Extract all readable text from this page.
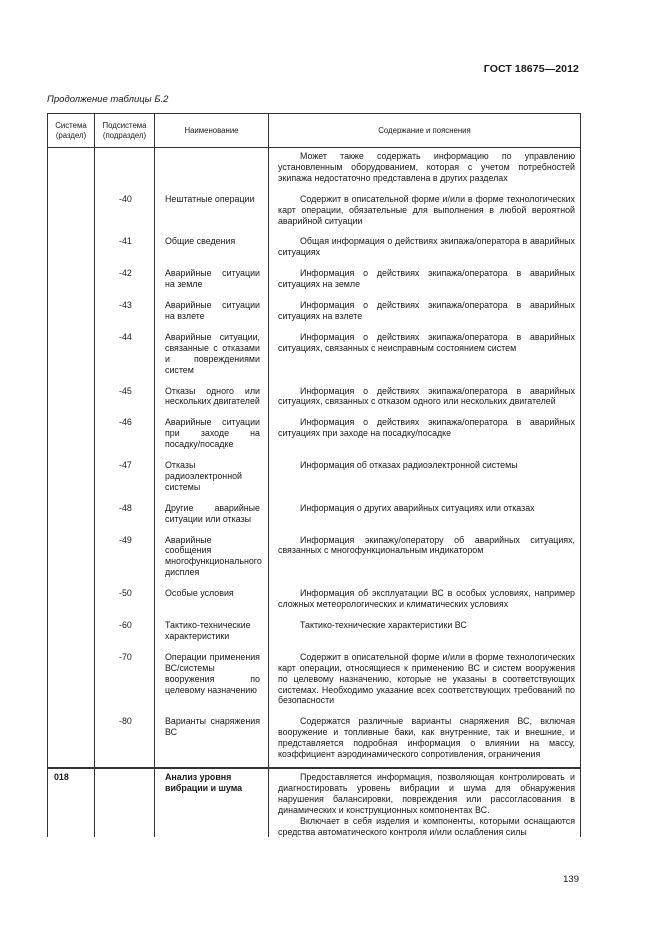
ГОСТ 18675—2012
Продолжение таблицы Б.2
Система (раздел)	Подсистема (подраздел)	Наименование	Содержание и пояснения

			Может также содержать информацию по управлению установленным оборудованием, которая с учетом потребностей экипажа недостаточно представлена в других разделах

	-40	Нештатные операции	Содержит в описательной форме и/или в форме технологических карт операции, обязательные для выполнения в любой вероятной аварийной ситуации

	-41	Общие сведения	Общая информация о действиях экипажа/оператора в аварийных ситуациях

	-42	Аварийные ситуации на земле	Информация о действиях экипажа/оператора в аварийных ситуациях на земле

	-43	Аварийные ситуации на взлете	Информация о действиях экипажа/оператора в аварийных ситуациях на взлете

	-44	Аварийные ситуации, связанные с отказами и повреждениями систем	Информация о действиях экипажа/оператора в аварийных ситуациях, связанных с неисправным состоянием систем

	-45	Отказы одного или нескольких двигателей	Информация о действиях экипажа/оператора в аварийных ситуациях, связанных с отказом одного или нескольких двигателей

	-46	Аварийные ситуации при заходе на посадку/посадке	Информация о действиях экипажа/оператора в аварийных ситуациях при заходе на посадку/посадке

	-47	Отказы радиоэлектронной системы	Информация об отказах радиоэлектронной системы

	-48	Другие аварийные ситуации или отказы	Информация о других аварийных ситуациях или отказах

	-49	Аварийные сообщения многофункционального дисплея	Информация экипажу/оператору об аварийных ситуациях, связанных с многофункциональным индикатором

	-50	Особые условия	Информация об эксплуатации ВС в особых условиях, например сложных метеорологических и климатических условиях

	-60	Тактико-технические характеристики	Тактико-технические характеристики ВС

	-70	Операции применения ВС/системы вооружения по целевому назначению	Содержит в описательной форме и/или в форме технологических карт операции, относящиеся к применению ВС и систем вооружения по целевому назначению, которые не указаны в соответствующих системах. Необходимо указание всех соответствующих требований по безопасности

	-80	Варианты снаряжения ВС	Содержатся различные варианты снаряжения ВС, включая вооружение и топливные баки, как внутренние, так и внешние, и представляется подробная информация о влиянии на массу, коэффициент аэродинамического сопротивления, ограничения

018		Анализ уровня вибрации и шума	Предоставляется информация, позволяющая контролировать и диагностировать уровень вибрации и шума для обнаружения нарушения балансировки, повреждения или рассогласования в динамических и конструкционных компонентах ВС.

Включает в себя изделия и компоненты, которыми оснащаются средства автоматического контроля и/или ослабления силы

139
